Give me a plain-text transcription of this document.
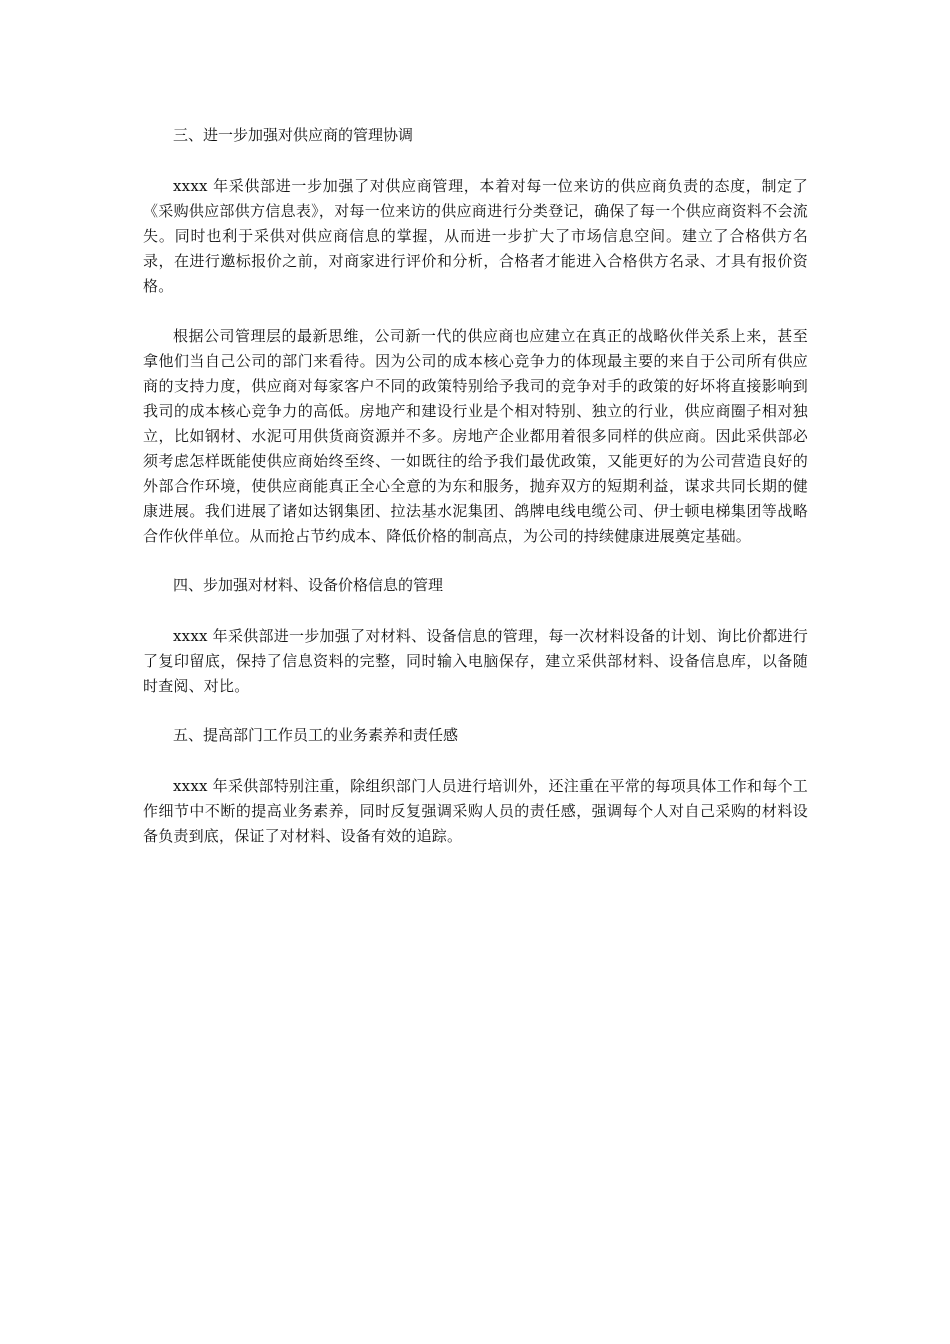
三、进一步加强对供应商的管理协调

xxxx 年采供部进一步加强了对供应商管理，本着对每一位来访的供应商负责的态度，制定了《采购供应部供方信息表》，对每一位来访的供应商进行分类登记，确保了每一个供应商资料不会流失。同时也利于采供对供应商信息的掌握，从而进一步扩大了市场信息空间。建立了合格供方名录，在进行邀标报价之前，对商家进行评价和分析，合格者才能进入合格供方名录、才具有报价资格。

根据公司管理层的最新思维，公司新一代的供应商也应建立在真正的战略伙伴关系上来，甚至拿他们当自己公司的部门来看待。因为公司的成本核心竞争力的体现最主要的来自于公司所有供应商的支持力度，供应商对每家客户不同的政策特别给予我司的竞争对手的政策的好坏将直接影响到我司的成本核心竞争力的高低。房地产和建设行业是个相对特别、独立的行业，供应商圈子相对独立，比如钢材、水泥可用供货商资源并不多。房地产企业都用着很多同样的供应商。因此采供部必须考虑怎样既能使供应商始终至终、一如既往的给予我们最优政策，又能更好的为公司营造良好的外部合作环境，使供应商能真正全心全意的为东和服务，抛弃双方的短期利益，谋求共同长期的健康进展。我们进展了诸如达钢集团、拉法基水泥集团、鸽牌电线电缆公司、伊士顿电梯集团等战略合作伙伴单位。从而抢占节约成本、降低价格的制高点，为公司的持续健康进展奠定基础。

四、步加强对材料、设备价格信息的管理

xxxx 年采供部进一步加强了对材料、设备信息的管理，每一次材料设备的计划、询比价都进行了复印留底，保持了信息资料的完整，同时输入电脑保存，建立采供部材料、设备信息库，以备随时查阅、对比。

五、提高部门工作员工的业务素养和责任感

xxxx 年采供部特别注重，除组织部门人员进行培训外，还注重在平常的每项具体工作和每个工作细节中不断的提高业务素养，同时反复强调采购人员的责任感，强调每个人对自己采购的材料设备负责到底，保证了对材料、设备有效的追踪。
